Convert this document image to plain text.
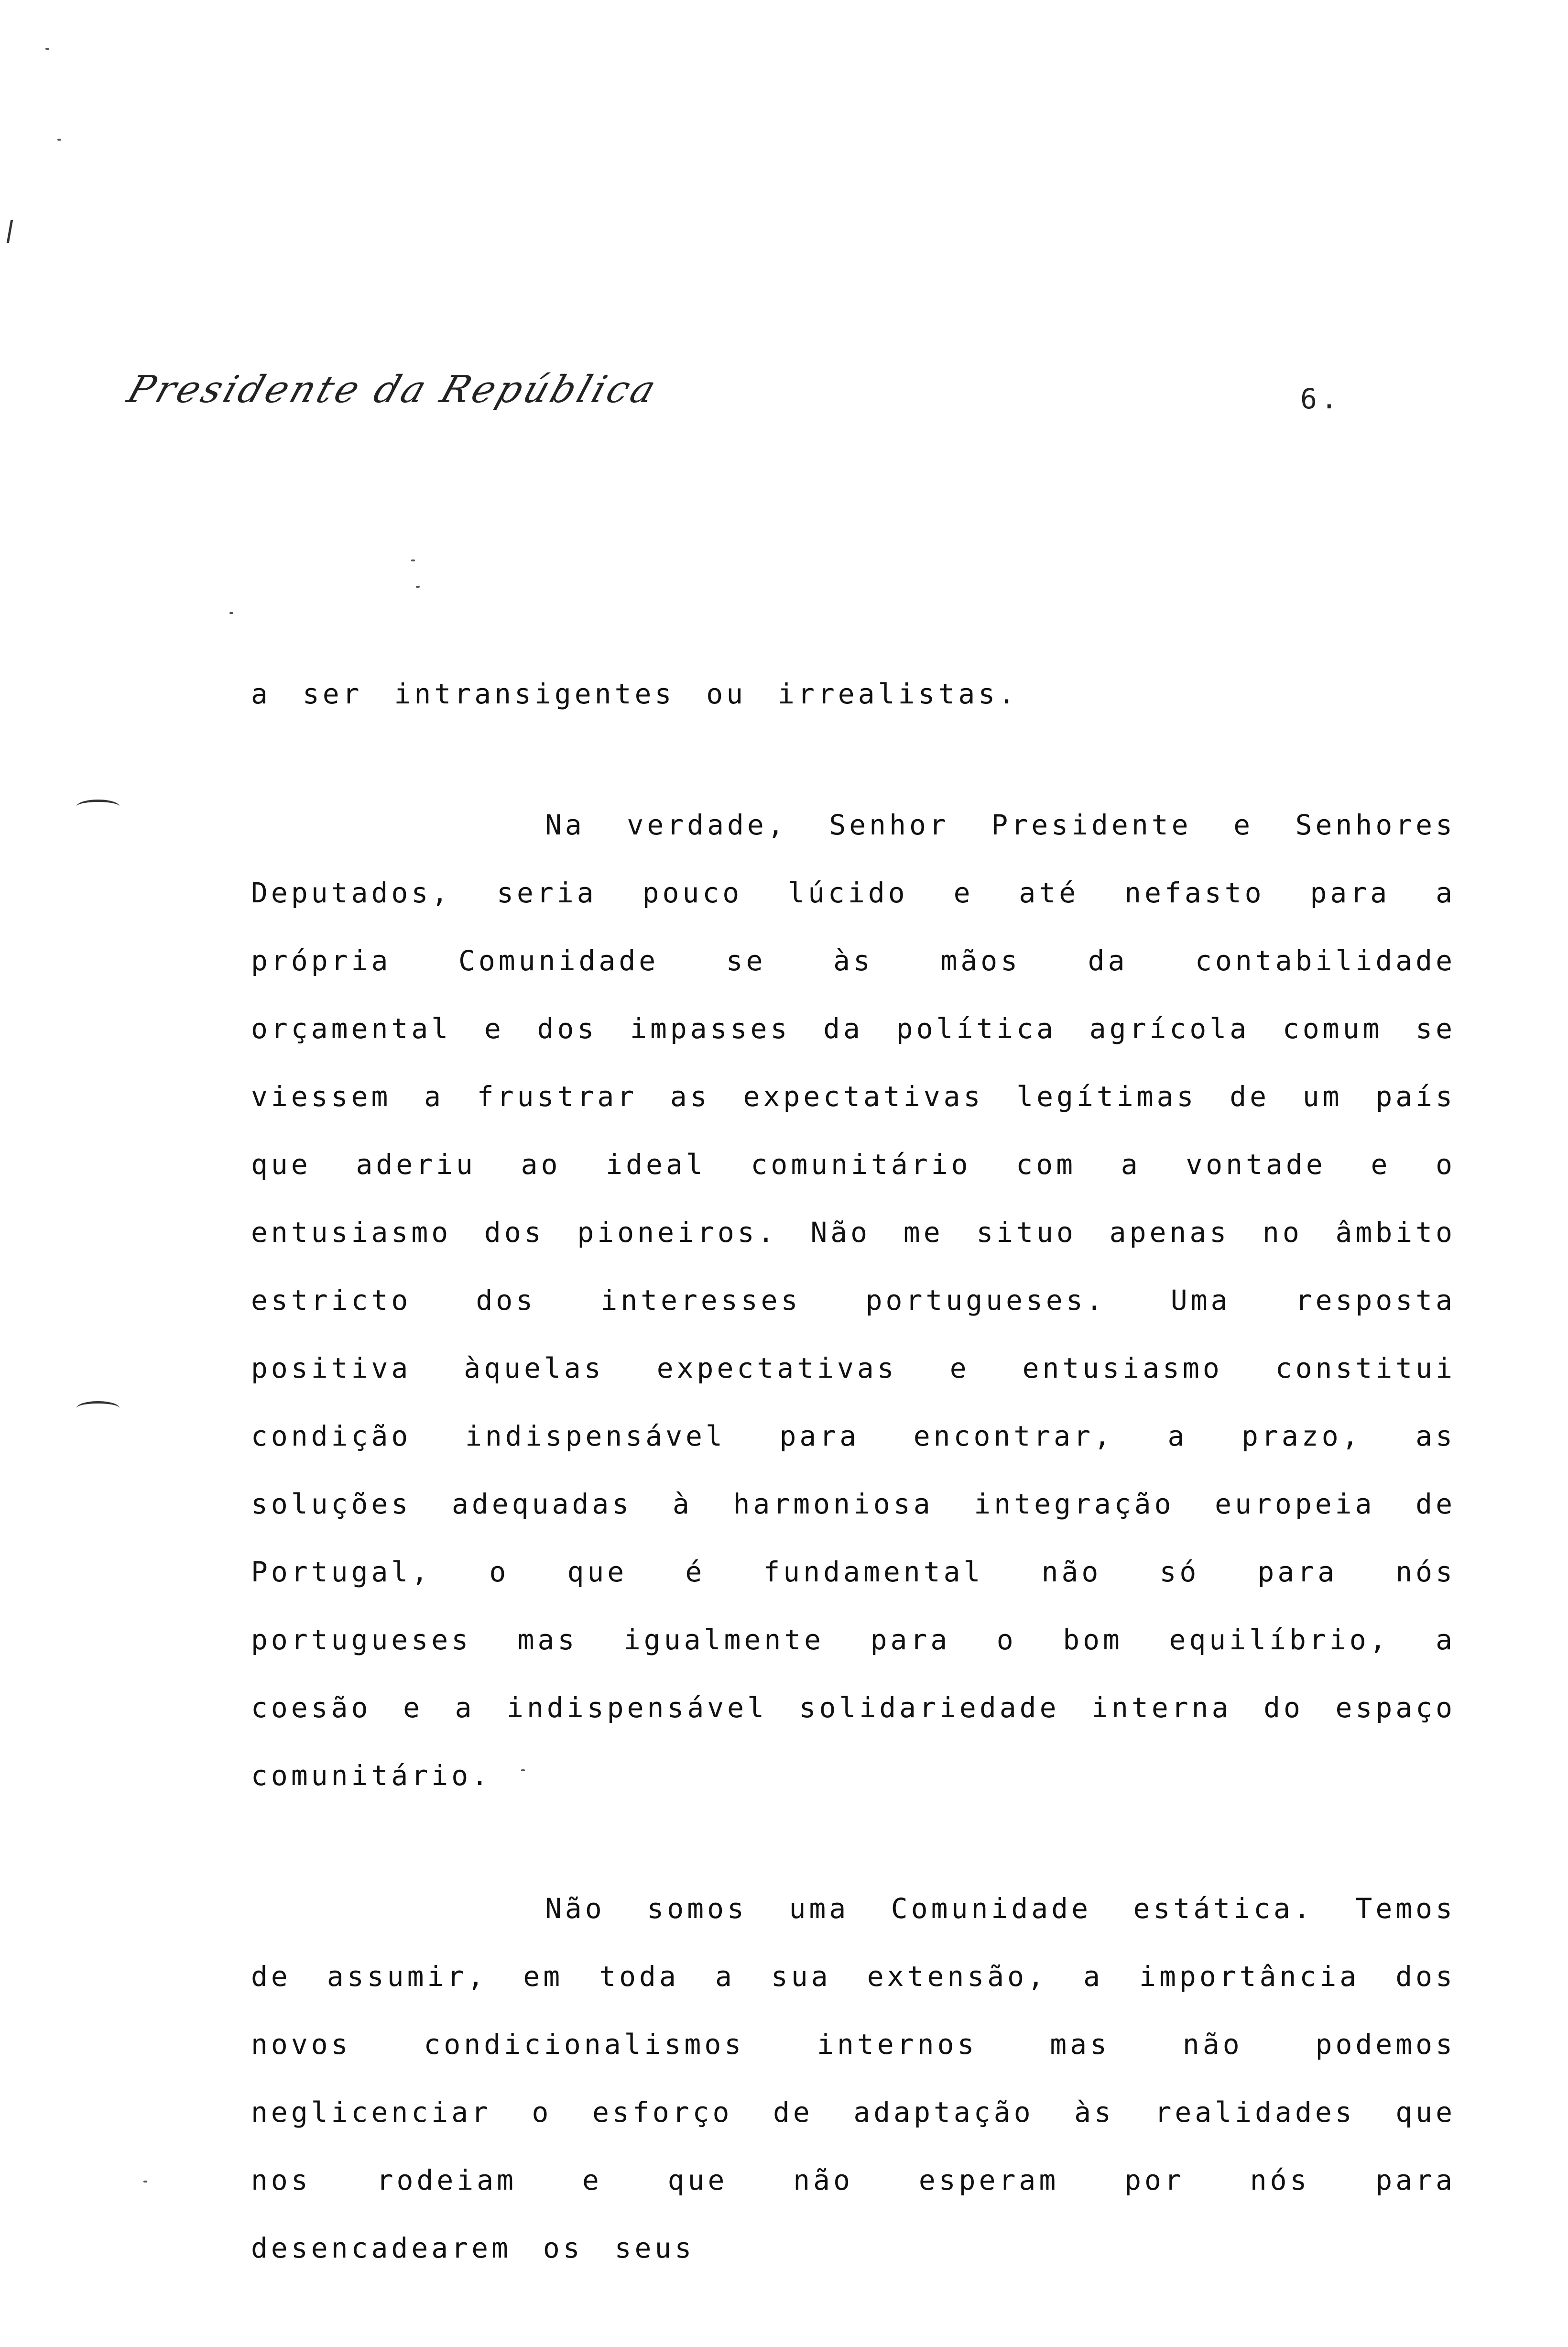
Presidente da República	6.

a ser intransigentes ou irrealistas.

Na verdade, Senhor Presidente e Senhores Deputados, seria pouco lúcido e até nefasto para a própria Comunidade se às mãos da contabilidade orçamental e dos impasses da política agrícola comum se viessem a frustrar as expectativas legítimas de um país que aderiu ao ideal comunitário com a vontade e o entusiasmo dos pioneiros. Não me situo apenas no âmbito estricto dos interesses portugueses. Uma resposta positiva àquelas expectativas e entusiasmo constitui condição indispensável para encontrar, a prazo, as soluções adequadas à harmoniosa integração europeia de Portugal, o que é fundamental não só para nós portugueses mas igualmente para o bom equilíbrio, a coesão e a indispensável solidariedade interna do espaço comunitário.

Não somos uma Comunidade estática. Temos de assumir, em toda a sua extensão, a importância dos novos condicionalismos internos mas não podemos neglicenciar o esforço de adaptação às realidades que nos rodeiam e que não esperam por nós para desencadearem os seus
